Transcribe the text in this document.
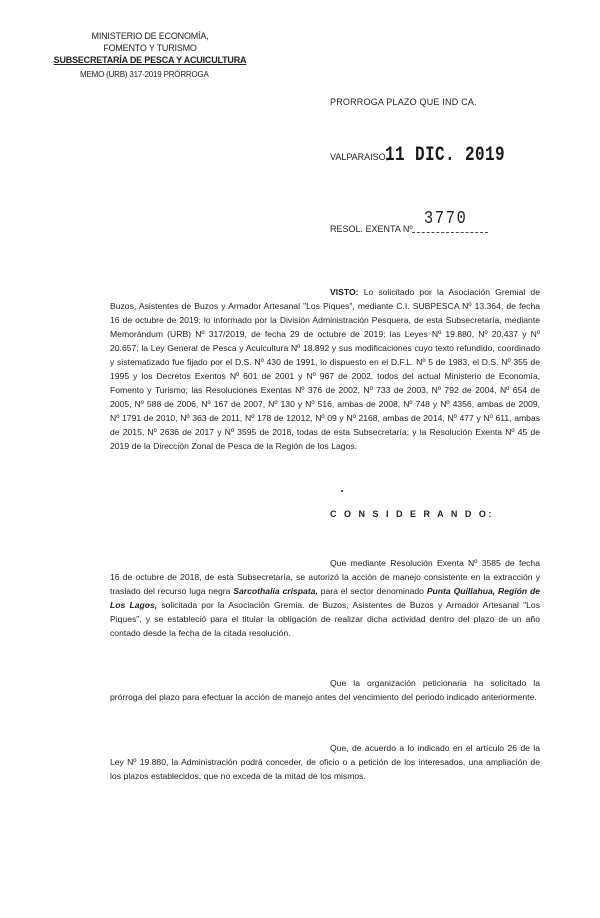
MINISTERIO DE ECONOMÍA,
FOMENTO Y TURISMO
SUBSECRETARÍA DE PESCA Y ACUICULTURA
MEMO (URB) 317-2019 PRÓRROGA
PRORROGA PLAZO QUE IND CA.
VALPARAISO,
11 DIC. 2019
RESOL. EXENTA Nº 3770
VISTO: Lo solicitado por la Asociación Gremial de Buzos, Asistentes de Buzos y Armador Artesanal "Los Piques", mediante C.I. SUBPESCA Nº 13.364, de fecha 16 de octubre de 2019; lo informado por la División Administración Pesquera, de esta Subsecretaría, mediante Memorándum (URB) Nº 317/2019, de fecha 29 de octubre de 2019; las Leyes Nº 19.880, Nº 20.437 y Nº 20.657; la Ley General de Pesca y Acuicultura Nº 18.892 y sus modificaciones cuyo texto refundido, coordinado y sistematizado fue fijado por el D.S. Nº 430 de 1991, lo dispuesto en el D.F.L. Nº 5 de 1983, el D.S. Nº 355 de 1995 y los Decretos Exentos Nº 601 de 2001 y Nº 967 de 2002, todos del actual Ministerio de Economía, Fomento y Turismo; las Resoluciones Exentas Nº 376 de 2002, Nº 733 de 2003, Nº 792 de 2004, Nº 654 de 2005, Nº 588 de 2006, Nº 167 de 2007, Nº 130 y Nº 516, ambas de 2008, Nº 748 y Nº 4356, ambas de 2009, Nº 1791 de 2010, Nº 363 de 2011, Nº 178 de 12012, Nº 09 y Nº 2168, ambas de 2014, Nº 477 y Nº 611, ambas de 2015, Nº 2636 de 2017 y Nº 3595 de 2018, todas de esta Subsecretaría; y la Resolución Exenta Nº 45 de 2019 de la Dirección Zonal de Pesca de la Región de los Lagos.
C O N S I D E R A N D O:
Que mediante Resolución Exenta Nº 3585 de fecha 16 de octubre de 2018, de esta Subsecretaría, se autorizó la acción de manejo consistente en la extracción y traslado del recurso luga negra Sarcothalia crispata, para el sector denominado Punta Quillahua, Región de Los Lagos, solicitada por la Asociación Gremia. de Buzos, Asistentes de Buzos y Armador Artesanal "Los Piques", y se estableció para el titular la obligación de realizar dicha actividad dentro del plazo de un año contado desde la fecha de la citada resolución.
Que la organización peticionaria ha solicitado la prórroga del plazo para efectuar la acción de manejo antes del vencimiento del periodo indicado anteriormente.
Que, de acuerdo a lo indicado en el artículo 26 de la Ley Nº 19.880, la Administración podrá conceder, de oficio o a petición de los interesados, una ampliación de los plazos establecidos, que no exceda de la mitad de los mismos.
